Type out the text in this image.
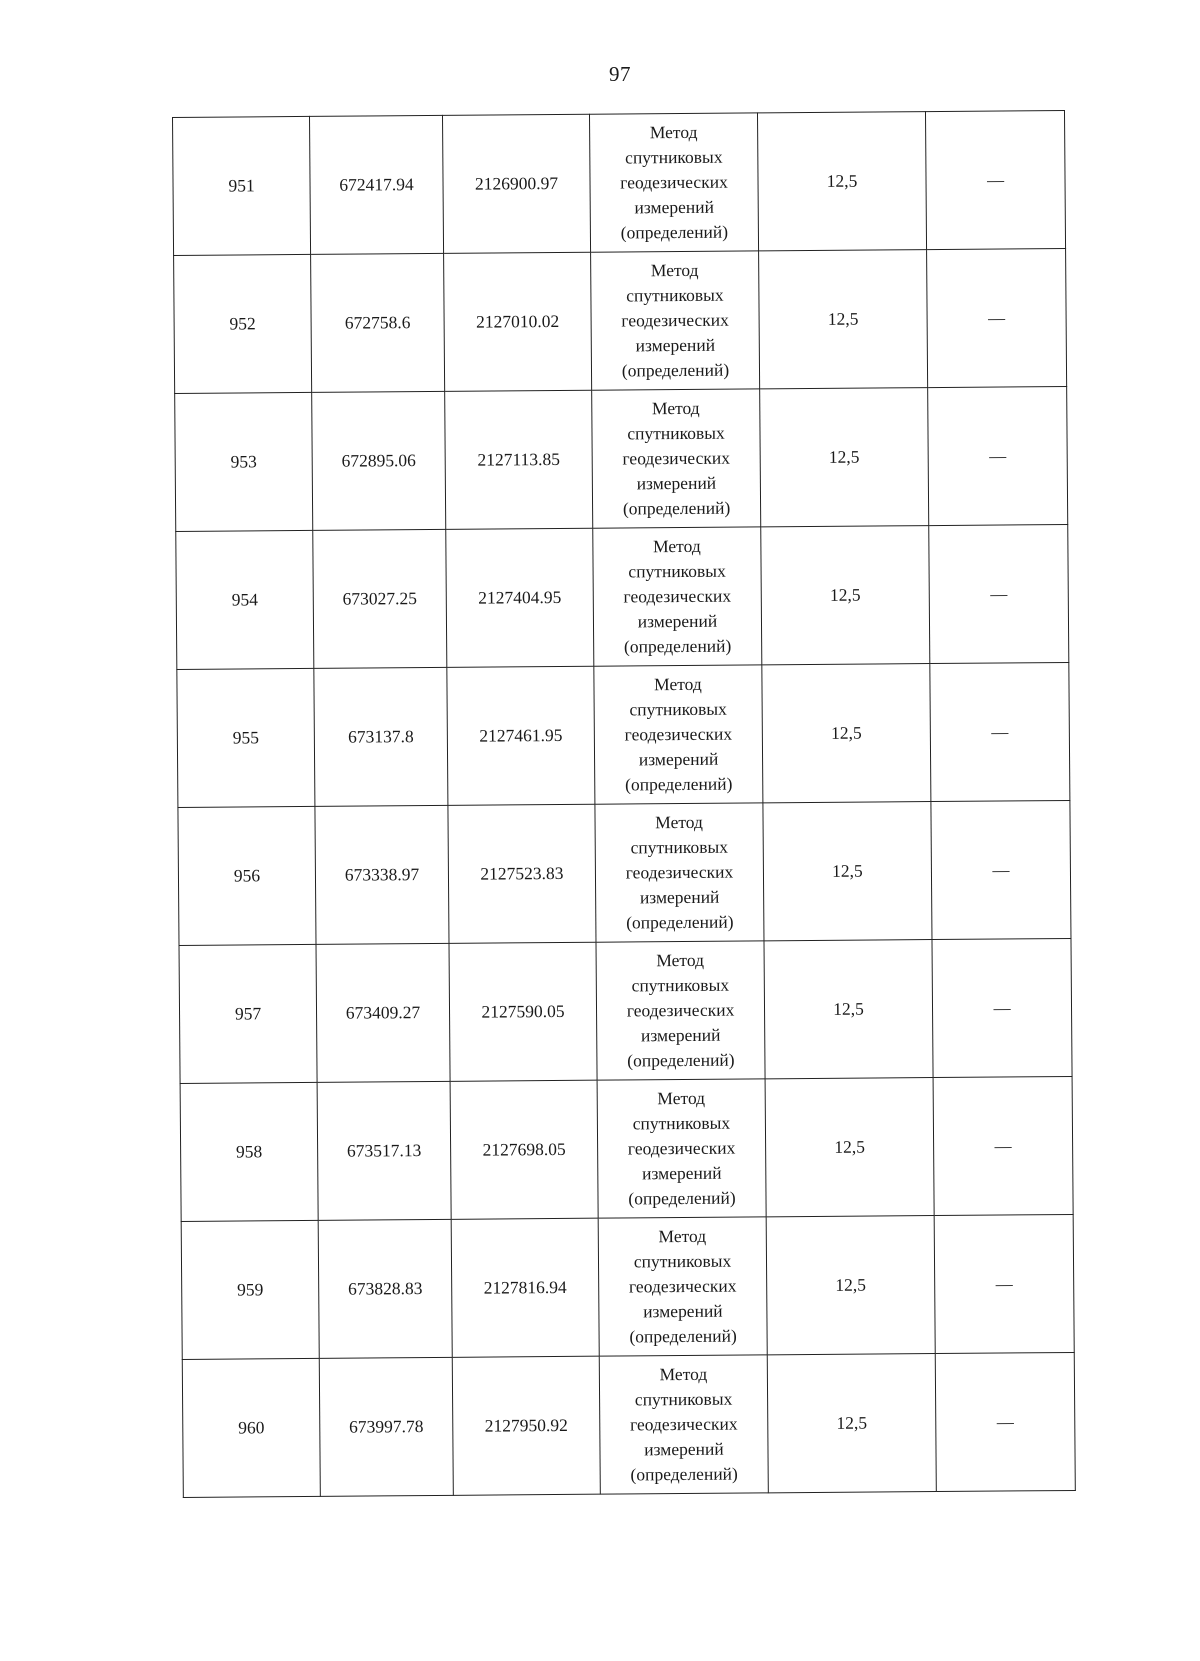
97
951	672417.94	2126900.97	Метод
спутниковых
геодезических
измерений
(определений)	12,5	—
952	672758.6	2127010.02	Метод
спутниковых
геодезических
измерений
(определений)	12,5	—
953	672895.06	2127113.85	Метод
спутниковых
геодезических
измерений
(определений)	12,5	—
954	673027.25	2127404.95	Метод
спутниковых
геодезических
измерений
(определений)	12,5	—
955	673137.8	2127461.95	Метод
спутниковых
геодезических
измерений
(определений)	12,5	—
956	673338.97	2127523.83	Метод
спутниковых
геодезических
измерений
(определений)	12,5	—
957	673409.27	2127590.05	Метод
спутниковых
геодезических
измерений
(определений)	12,5	—
958	673517.13	2127698.05	Метод
спутниковых
геодезических
измерений
(определений)	12,5	—
959	673828.83	2127816.94	Метод
спутниковых
геодезических
измерений
(определений)	12,5	—
960	673997.78	2127950.92	Метод
спутниковых
геодезических
измерений
(определений)	12,5	—
